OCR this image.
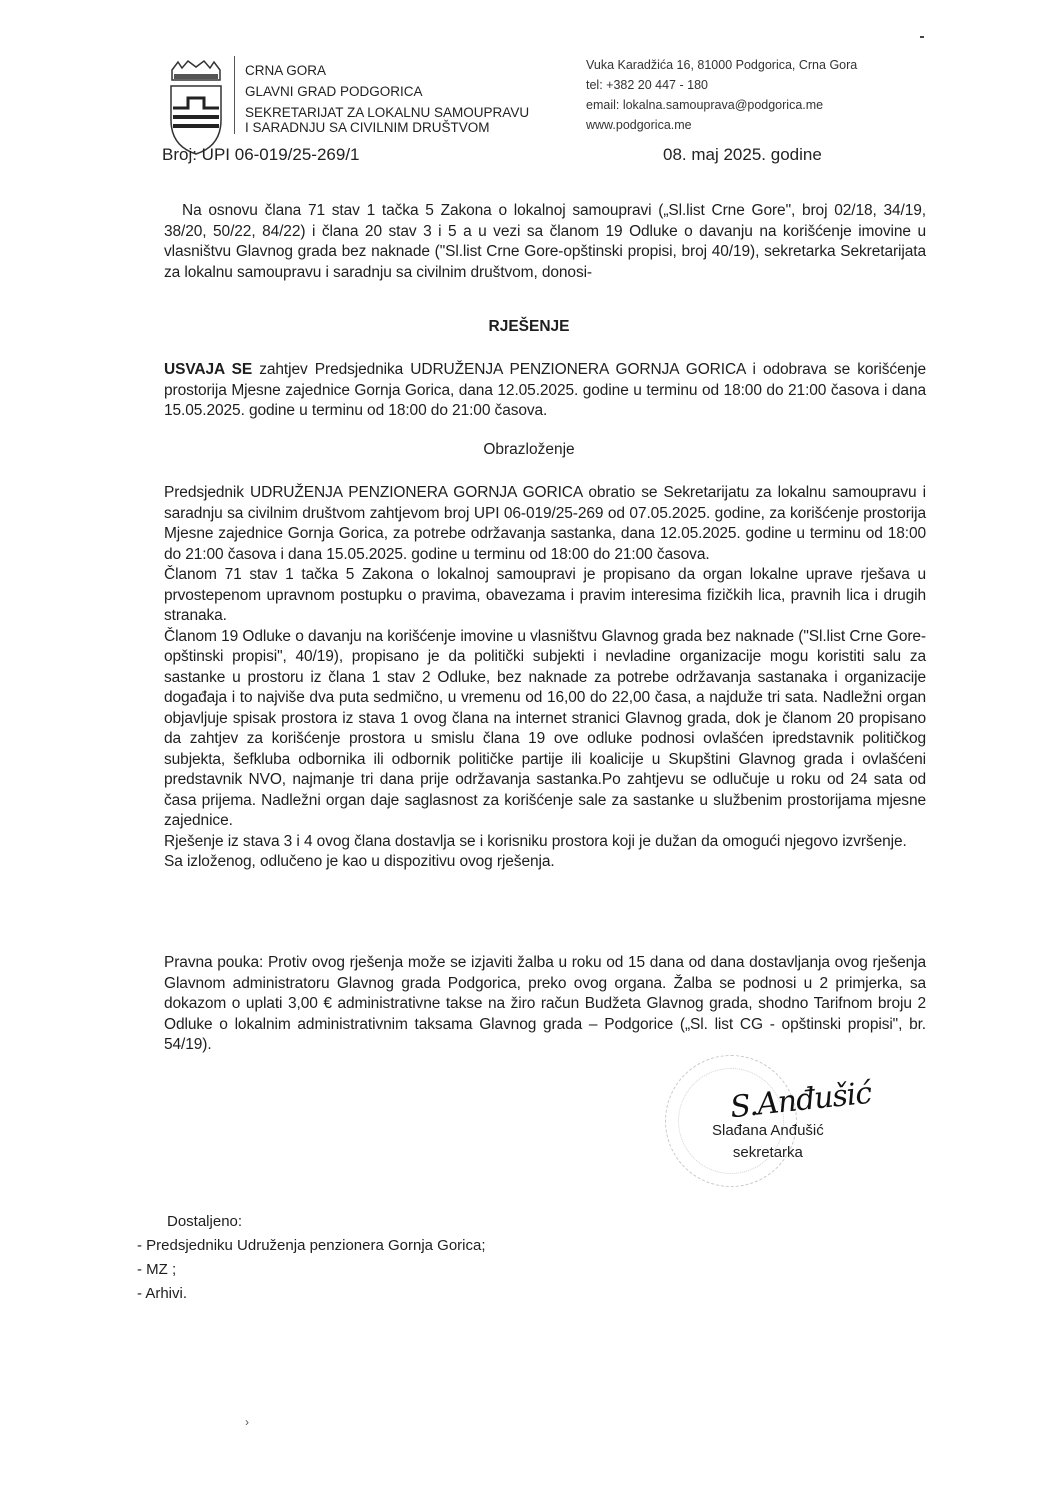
CRNA GORA
GLAVNI GRAD PODGORICA
SEKRETARIJAT ZA LOKALNU SAMOUPRAVU
I SARADNJU SA CIVILNIM DRUŠTVOM
Vuka Karadžića 16, 81000 Podgorica, Crna Gora
tel: +382 20 447 - 180
email: lokalna.samouprava@podgorica.me
www.podgorica.me
Broj: UPI 06-019/25-269/1	08. maj 2025. godine

Na osnovu člana 71 stav 1 tačka 5 Zakona o lokalnoj samoupravi („Sl.list Crne Gore", broj 02/18, 34/19, 38/20, 50/22, 84/22) i člana 20 stav 3 i 5 a u vezi sa članom 19 Odluke o davanju na korišćenje imovine u vlasništvu Glavnog grada bez naknade ("Sl.list Crne Gore-opštinski propisi, broj 40/19), sekretarka Sekretarijata za lokalnu samoupravu i saradnju sa civilnim društvom, donosi-

RJEŠENJE

USVAJA SE zahtjev Predsjednika UDRUŽENJA PENZIONERA GORNJA GORICA i odobrava se korišćenje prostorija Mjesne zajednice Gornja Gorica, dana 12.05.2025. godine u terminu od 18:00 do 21:00 časova i dana 15.05.2025. godine u terminu od 18:00 do 21:00 časova.

Obrazloženje

Predsjednik UDRUŽENJA PENZIONERA GORNJA GORICA obratio se Sekretarijatu za lokalnu samoupravu i saradnju sa civilnim društvom zahtjevom broj UPI 06-019/25-269 od 07.05.2025. godine, za korišćenje prostorija Mjesne zajednice Gornja Gorica, za potrebe održavanja sastanka, dana 12.05.2025. godine u terminu od 18:00 do 21:00 časova i dana 15.05.2025. godine u terminu od 18:00 do 21:00 časova.

Članom 71 stav 1 tačka 5 Zakona o lokalnoj samoupravi je propisano da organ lokalne uprave rješava u prvostepenom upravnom postupku o pravima, obavezama i pravim interesima fizičkih lica, pravnih lica i drugih stranaka.

Članom 19 Odluke o davanju na korišćenje imovine u vlasništvu Glavnog grada bez naknade ("Sl.list Crne Gore-opštinski propisi", 40/19), propisano je da politički subjekti i nevladine organizacije mogu koristiti salu za sastanke u prostoru iz člana 1 stav 2 Odluke, bez naknade za potrebe održavanja sastanaka i organizacije događaja i to najviše dva puta sedmično, u vremenu od 16,00 do 22,00 časa, a najduže tri sata. Nadležni organ objavljuje spisak prostora iz stava 1 ovog člana na internet stranici Glavnog grada, dok je članom 20 propisano da zahtjev za korišćenje prostora u smislu člana 19 ove odluke podnosi ovlašćen ipredstavnik političkog subjekta, šefkluba odbornika ili odbornik političke partije ili koalicije u Skupštini Glavnog grada i ovlašćeni predstavnik NVO, najmanje tri dana prije održavanja sastanka.Po zahtjevu se odlučuje u roku od 24 sata od časa prijema. Nadležni organ daje saglasnost za korišćenje sale za sastanke u službenim prostorijama mjesne zajednice.

Rješenje iz stava 3 i 4 ovog člana dostavlja se i korisniku prostora koji je dužan da omogući njegovo izvršenje.

Sa izloženog, odlučeno je kao u dispozitivu ovog rješenja.

Pravna pouka: Protiv ovog rješenja može se izjaviti žalba u roku od 15 dana od dana dostavljanja ovog rješenja Glavnom administratoru Glavnog grada Podgorica, preko ovog organa. Žalba se podnosi u 2 primjerka, sa dokazom o uplati 3,00 € administrativne takse na žiro račun Budžeta Glavnog grada, shodno Tarifnom broju 2 Odluke o lokalnim administrativnim taksama Glavnog grada – Podgorice („Sl. list CG - opštinski propisi", br. 54/19).

S.Anđušić
Slađana Anđušić
sekretarka
Dostaljeno:
- Predsjedniku Udruženja penzionera Gornja Gorica;
- MZ ;
- Arhivi.
›
